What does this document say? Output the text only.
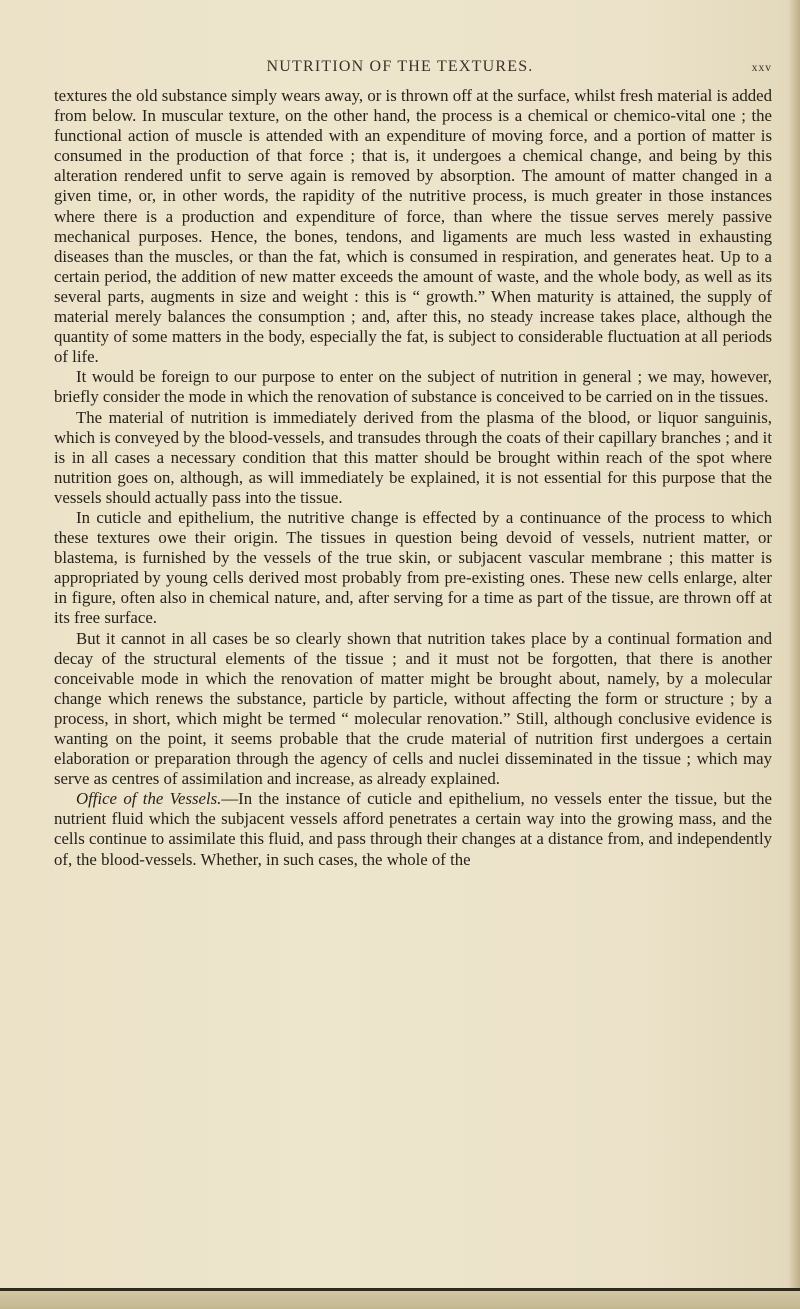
NUTRITION OF THE TEXTURES.	xxv

textures the old substance simply wears away, or is thrown off at the surface, whilst fresh material is added from below. In muscular texture, on the other hand, the process is a chemical or chemico-vital one ; the functional action of muscle is attended with an expenditure of moving force, and a portion of matter is consumed in the production of that force ; that is, it undergoes a chemical change, and being by this alteration rendered unfit to serve again is removed by absorption. The amount of matter changed in a given time, or, in other words, the rapidity of the nutritive process, is much greater in those instances where there is a production and expenditure of force, than where the tissue serves merely passive mechanical purposes. Hence, the bones, tendons, and ligaments are much less wasted in exhausting diseases than the muscles, or than the fat, which is consumed in respiration, and generates heat. Up to a certain period, the addition of new matter exceeds the amount of waste, and the whole body, as well as its several parts, augments in size and weight : this is “ growth.” When maturity is attained, the supply of material merely balances the consumption ; and, after this, no steady increase takes place, although the quantity of some matters in the body, especially the fat, is subject to considerable fluctuation at all periods of life.

It would be foreign to our purpose to enter on the subject of nutrition in general ; we may, however, briefly consider the mode in which the renovation of substance is conceived to be carried on in the tissues.

The material of nutrition is immediately derived from the plasma of the blood, or liquor sanguinis, which is conveyed by the blood-vessels, and transudes through the coats of their capillary branches ; and it is in all cases a necessary condition that this matter should be brought within reach of the spot where nutrition goes on, although, as will immediately be explained, it is not essential for this purpose that the vessels should actually pass into the tissue.

In cuticle and epithelium, the nutritive change is effected by a continuance of the process to which these textures owe their origin. The tissues in question being devoid of vessels, nutrient matter, or blastema, is furnished by the vessels of the true skin, or subjacent vascular membrane ; this matter is appropriated by young cells derived most probably from pre-existing ones. These new cells enlarge, alter in figure, often also in chemical nature, and, after serving for a time as part of the tissue, are thrown off at its free surface.

But it cannot in all cases be so clearly shown that nutrition takes place by a continual formation and decay of the structural elements of the tissue ; and it must not be forgotten, that there is another conceivable mode in which the renovation of matter might be brought about, namely, by a molecular change which renews the substance, particle by particle, without affecting the form or structure ; by a process, in short, which might be termed “ molecular renovation.” Still, although conclusive evidence is wanting on the point, it seems probable that the crude material of nutrition first undergoes a certain elaboration or preparation through the agency of cells and nuclei disseminated in the tissue ; which may serve as centres of assimilation and increase, as already explained.

Office of the Vessels.—In the instance of cuticle and epithelium, no vessels enter the tissue, but the nutrient fluid which the subjacent vessels afford penetrates a certain way into the growing mass, and the cells continue to assimilate this fluid, and pass through their changes at a distance from, and independently of, the blood-vessels. Whether, in such cases, the whole of the
